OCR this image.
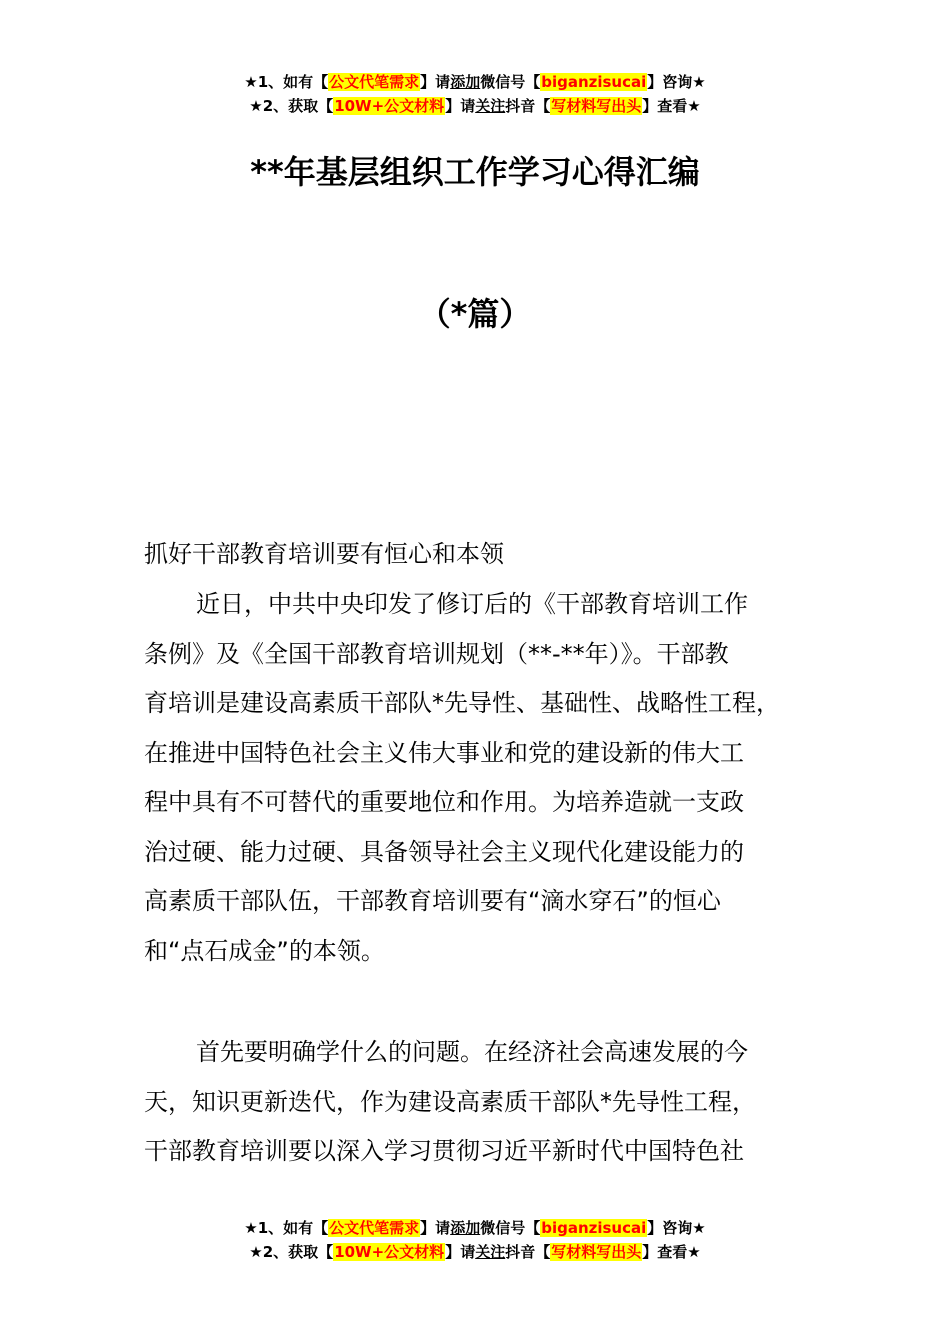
★1、如有【公文代笔需求】请添加微信号【biganzisucai】咨询★
★2、获取【10W+公文材料】请关注抖音【写材料写出头】查看★
**年基层组织工作学习心得汇编
（*篇）

抓好干部教育培训要有恒心和本领

近日，中共中央印发了修订后的《干部教育培训工作

条例》及《全国干部教育培训规划（**-**年）》。干部教

育培训是建设高素质干部队*先导性、基础性、战略性工程，

在推进中国特色社会主义伟大事业和党的建设新的伟大工

程中具有不可替代的重要地位和作用。为培养造就一支政

治过硬、能力过硬、具备领导社会主义现代化建设能力的

高素质干部队伍，干部教育培训要有“滴水穿石”的恒心

和“点石成金”的本领。

首先要明确学什么的问题。在经济社会高速发展的今

天，知识更新迭代，作为建设高素质干部队*先导性工程，

干部教育培训要以深入学习贯彻习近平新时代中国特色社

★1、如有【公文代笔需求】请添加微信号【biganzisucai】咨询★
★2、获取【10W+公文材料】请关注抖音【写材料写出头】查看★
